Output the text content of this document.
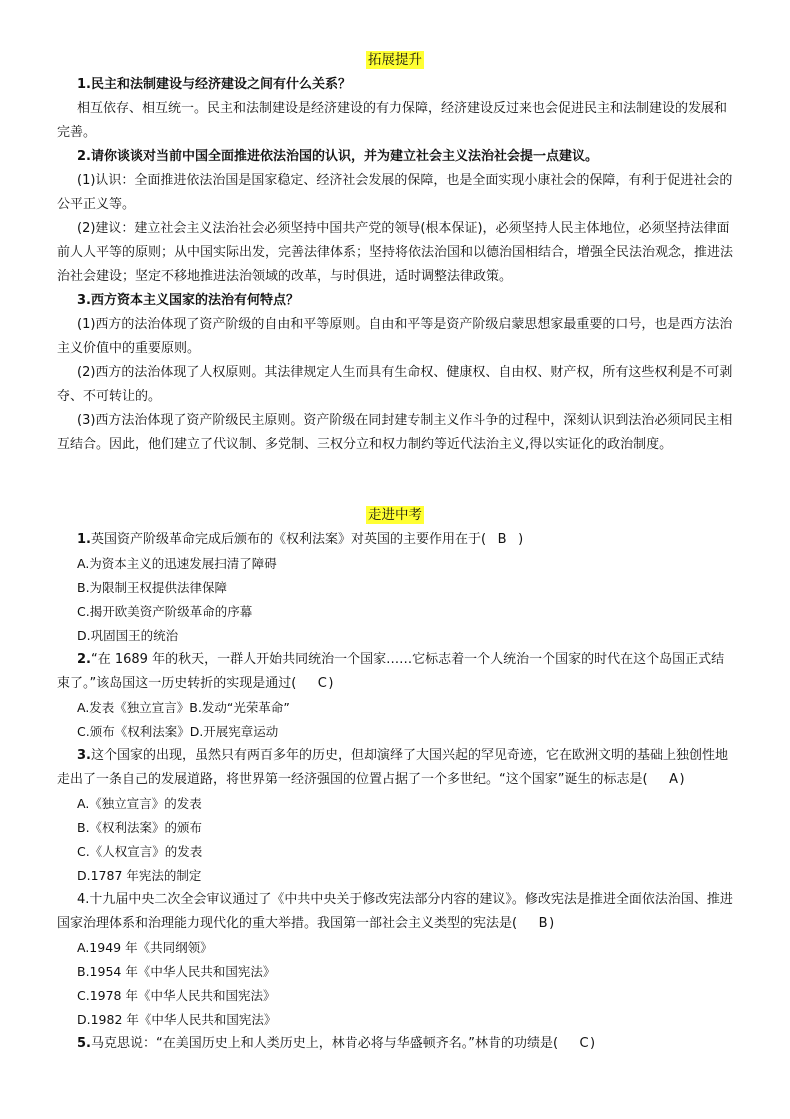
拓展提升

1.民主和法制建设与经济建设之间有什么关系？

相互依存、相互统一。民主和法制建设是经济建设的有力保障，经济建设反过来也会促进民主和法制建设的发展和完善。

2.请你谈谈对当前中国全面推进依法治国的认识，并为建立社会主义法治社会提一点建议。

(1)认识：全面推进依法治国是国家稳定、经济社会发展的保障，也是全面实现小康社会的保障，有利于促进社会的公平正义等。

(2)建议：建立社会主义法治社会必须坚持中国共产党的领导(根本保证)，必须坚持人民主体地位，必须坚持法律面前人人平等的原则；从中国实际出发，完善法律体系；坚持将依法治国和以德治国相结合，增强全民法治观念，推进法治社会建设；坚定不移地推进法治领域的改革，与时俱进，适时调整法律政策。

3.西方资本主义国家的法治有何特点？

(1)西方的法治体现了资产阶级的自由和平等原则。自由和平等是资产阶级启蒙思想家最重要的口号，也是西方法治主义价值中的重要原则。

(2)西方的法治体现了人权原则。其法律规定人生而具有生命权、健康权、自由权、财产权，所有这些权利是不可剥夺、不可转让的。

(3)西方法治体现了资产阶级民主原则。资产阶级在同封建专制主义作斗争的过程中，深刻认识到法治必须同民主相互结合。因此，他们建立了代议制、多党制、三权分立和权力制约等近代法治主义,得以实证化的政治制度。

走进中考

1.英国资产阶级革命完成后颁布的《权利法案》对英国的主要作用在于( B )

A.为资本主义的迅速发展扫清了障碍

B.为限制王权提供法律保障

C.揭开欧美资产阶级革命的序幕

D.巩固国王的统治

2.“在 1689 年的秋天，一群人开始共同统治一个国家……它标志着一个人统治一个国家的时代在这个岛国正式结束了。”该岛国这一历史转折的实现是通过( C)

A.发表《独立宣言》B.发动“光荣革命”

C.颁布《权利法案》D.开展宪章运动

3.这个国家的出现，虽然只有两百多年的历史，但却演绎了大国兴起的罕见奇迹，它在欧洲文明的基础上独创性地走出了一条自己的发展道路，将世界第一经济强国的位置占据了一个多世纪。“这个国家”诞生的标志是( A )

A.《独立宣言》的发表

B.《权利法案》的颁布

C.《人权宣言》的发表

D.1787 年宪法的制定

4.十九届中央二次全会审议通过了《中共中央关于修改宪法部分内容的建议》。修改宪法是推进全面依法治国、推进国家治理体系和治理能力现代化的重大举措。我国第一部社会主义类型的宪法是( B )

A.1949 年《共同纲领》

B.1954 年《中华人民共和国宪法》

C.1978 年《中华人民共和国宪法》

D.1982 年《中华人民共和国宪法》

5.马克思说：“在美国历史上和人类历史上，林肯必将与华盛顿齐名。”林肯的功绩是( C)
